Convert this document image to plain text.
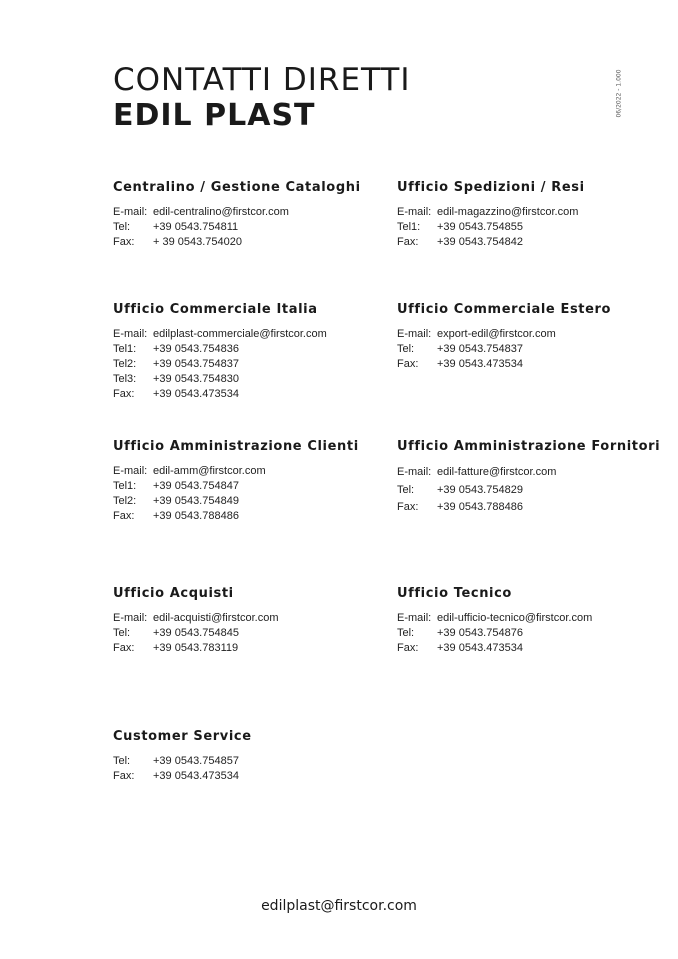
CONTATTI DIRETTI
EDIL PLAST	06/2022 - 1.000
Centralino / Gestione Cataloghi
E-mail: edil-centralino@firstcor.com
Tel:	+39 0543.754811
Fax:	+ 39 0543.754020
Ufficio Spedizioni / Resi
E-mail: edil-magazzino@firstcor.com
Tel1:	+39 0543.754855
Fax:	+39 0543.754842
Ufficio Commerciale Italia
E-mail: edilplast-commerciale@firstcor.com
Tel1:	+39 0543.754836
Tel2:	+39 0543.754837
Tel3:	+39 0543.754830
Fax:	+39 0543.473534
Ufficio Commerciale Estero
E-mail: export-edil@firstcor.com
Tel:	+39 0543.754837
Fax:	+39 0543.473534
Ufficio Amministrazione Clienti
E-mail: edil-amm@firstcor.com
Tel1:	+39 0543.754847
Tel2:	+39 0543.754849
Fax:	+39 0543.788486
Ufficio Amministrazione Fornitori
E-mail: edil-fatture@firstcor.com
Tel:	+39 0543.754829
Fax:	+39 0543.788486
Ufficio Acquisti
E-mail: edil-acquisti@firstcor.com
Tel:	+39 0543.754845
Fax:	+39 0543.783119
Ufficio Tecnico
E-mail: edil-ufficio-tecnico@firstcor.com
Tel:	+39 0543.754876
Fax:	+39 0543.473534
Customer Service
Tel:	+39 0543.754857
Fax:	+39 0543.473534
edilplast@firstcor.com
